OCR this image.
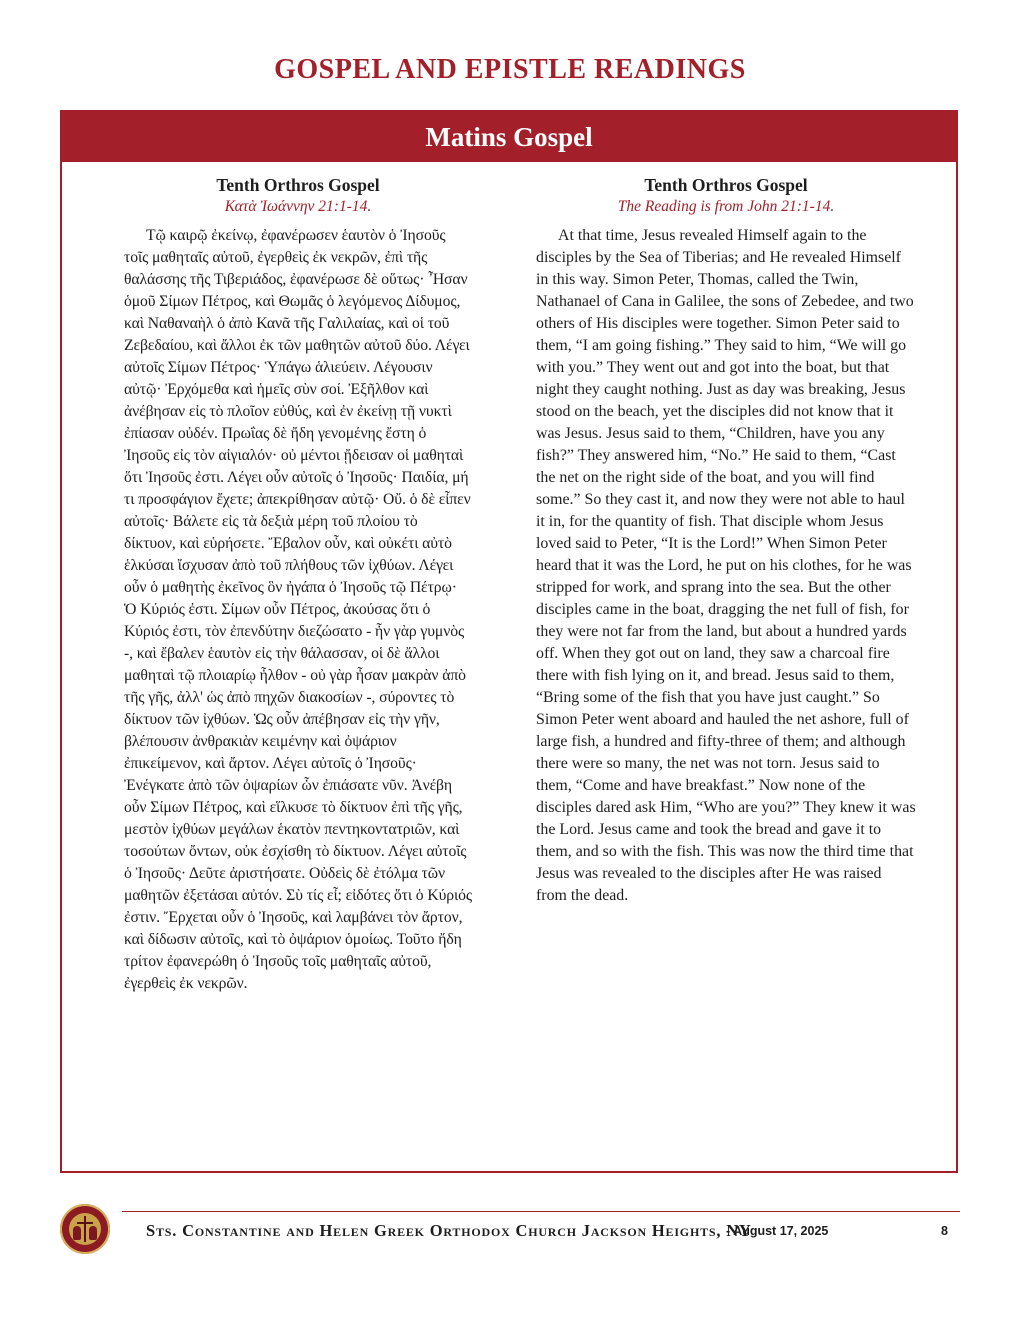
GOSPEL AND EPISTLE READINGS
Matins Gospel

Tenth Orthros Gospel

Κατὰ Ἰωάννην 21:1-14.

Τῷ καιρῷ ἐκείνῳ, ἐφανέρωσεν ἑαυτὸν ὁ Ἰησοῦς τοῖς μαθηταῖς αὐτοῦ, ἐγερθεὶς ἐκ νεκρῶν, ἐπὶ τῆς θαλάσσης τῆς Τιβεριάδος, ἐφανέρωσε δὲ οὕτως· Ἦσαν ὁμοῦ Σίμων Πέτρος, καὶ Θωμᾶς ὁ λεγόμενος Δίδυμος, καὶ Ναθαναὴλ ὁ ἀπὸ Κανᾶ τῆς Γαλιλαίας, καὶ οἱ τοῦ Ζεβεδαίου, καὶ ἄλλοι ἐκ τῶν μαθητῶν αὐτοῦ δύο. Λέγει αὐτοῖς Σίμων Πέτρος· Ὑπάγω ἁλιεύειν. Λέγουσιν αὐτῷ· Ἐρχόμεθα καὶ ἡμεῖς σὺν σοί. Ἐξῆλθον καὶ ἀνέβησαν εἰς τὸ πλοῖον εὐθύς, καὶ ἐν ἐκείνῃ τῇ νυκτὶ ἐπίασαν οὐδέν. Πρωΐας δὲ ἤδη γενομένης ἔστη ὁ Ἰησοῦς εἰς τὸν αἰγιαλόν· οὐ μέντοι ᾔδεισαν οἱ μαθηταὶ ὅτι Ἰησοῦς ἐστι. Λέγει οὖν αὐτοῖς ὁ Ἰησοῦς· Παιδία, μή τι προσφάγιον ἔχετε; ἀπεκρίθησαν αὐτῷ· Οὔ. ὁ δὲ εἶπεν αὐτοῖς· Βάλετε εἰς τὰ δεξιὰ μέρη τοῦ πλοίου τὸ δίκτυον, καὶ εὑρήσετε. Ἔβαλον οὖν, καὶ οὐκέτι αὐτὸ ἑλκύσαι ἴσχυσαν ἀπὸ τοῦ πλήθους τῶν ἰχθύων. Λέγει οὖν ὁ μαθητὴς ἐκεῖνος ὃν ἠγάπα ὁ Ἰησοῦς τῷ Πέτρῳ· Ὁ Κύριός ἐστι. Σίμων οὖν Πέτρος, ἀκούσας ὅτι ὁ Κύριός ἐστι, τὸν ἐπενδύτην διεζώσατο - ἦν γὰρ γυμνὸς -, καὶ ἔβαλεν ἑαυτὸν εἰς τὴν θάλασσαν, οἱ δὲ ἄλλοι μαθηταὶ τῷ πλοιαρίῳ ἦλθον - οὐ γὰρ ἦσαν μακρὰν ἀπὸ τῆς γῆς, ἀλλ' ὡς ἀπὸ πηχῶν διακοσίων -, σύροντες τὸ δίκτυον τῶν ἰχθύων. Ὡς οὖν ἀπέβησαν εἰς τὴν γῆν, βλέπουσιν ἀνθρακιὰν κειμένην καὶ ὀψάριον ἐπικείμενον, καὶ ἄρτον. Λέγει αὐτοῖς ὁ Ἰησοῦς· Ἐνέγκατε ἀπὸ τῶν ὀψαρίων ὧν ἐπιάσατε νῦν. Ἀνέβη οὖν Σίμων Πέτρος, καὶ εἵλκυσε τὸ δίκτυον ἐπὶ τῆς γῆς, μεστὸν ἰχθύων μεγάλων ἑκατὸν πεντηκοντατριῶν, καὶ τοσούτων ὄντων, οὐκ ἐσχίσθη τὸ δίκτυον. Λέγει αὐτοῖς ὁ Ἰησοῦς· Δεῦτε ἀριστήσατε. Οὐδεὶς δὲ ἐτόλμα τῶν μαθητῶν ἐξετάσαι αὐτόν. Σὺ τίς εἶ; εἰδότες ὅτι ὁ Κύριός ἐστιν. Ἔρχεται οὖν ὁ Ἰησοῦς, καὶ λαμβάνει τὸν ἄρτον, καὶ δίδωσιν αὐτοῖς, καὶ τὸ ὀψάριον ὁμοίως. Τοῦτο ἤδη τρίτον ἐφανερώθη ὁ Ἰησοῦς τοῖς μαθηταῖς αὐτοῦ, ἐγερθεὶς ἐκ νεκρῶν.

Tenth Orthros Gospel

The Reading is from John 21:1-14.

At that time, Jesus revealed Himself again to the disciples by the Sea of Tiberias; and He revealed Himself in this way. Simon Peter, Thomas, called the Twin, Nathanael of Cana in Galilee, the sons of Zebedee, and two others of His disciples were together. Simon Peter said to them, “I am going fishing.” They said to him, “We will go with you.” They went out and got into the boat, but that night they caught nothing. Just as day was breaking, Jesus stood on the beach, yet the disciples did not know that it was Jesus. Jesus said to them, “Children, have you any fish?” They answered him, “No.” He said to them, “Cast the net on the right side of the boat, and you will find some.” So they cast it, and now they were not able to haul it in, for the quantity of fish. That disciple whom Jesus loved said to Peter, “It is the Lord!” When Simon Peter heard that it was the Lord, he put on his clothes, for he was stripped for work, and sprang into the sea. But the other disciples came in the boat, dragging the net full of fish, for they were not far from the land, but about a hundred yards off. When they got out on land, they saw a charcoal fire there with fish lying on it, and bread. Jesus said to them, “Bring some of the fish that you have just caught.” So Simon Peter went aboard and hauled the net ashore, full of large fish, a hundred and fifty-three of them; and although there were so many, the net was not torn. Jesus said to them, “Come and have breakfast.” Now none of the disciples dared ask Him, “Who are you?” They knew it was the Lord. Jesus came and took the bread and gave it to them, and so with the fish. This was now the third time that Jesus was revealed to the disciples after He was raised from the dead.

Sts. Constantine and Helen Greek Orthodox Church Jackson Heights, NY
- August 17, 2025	8
